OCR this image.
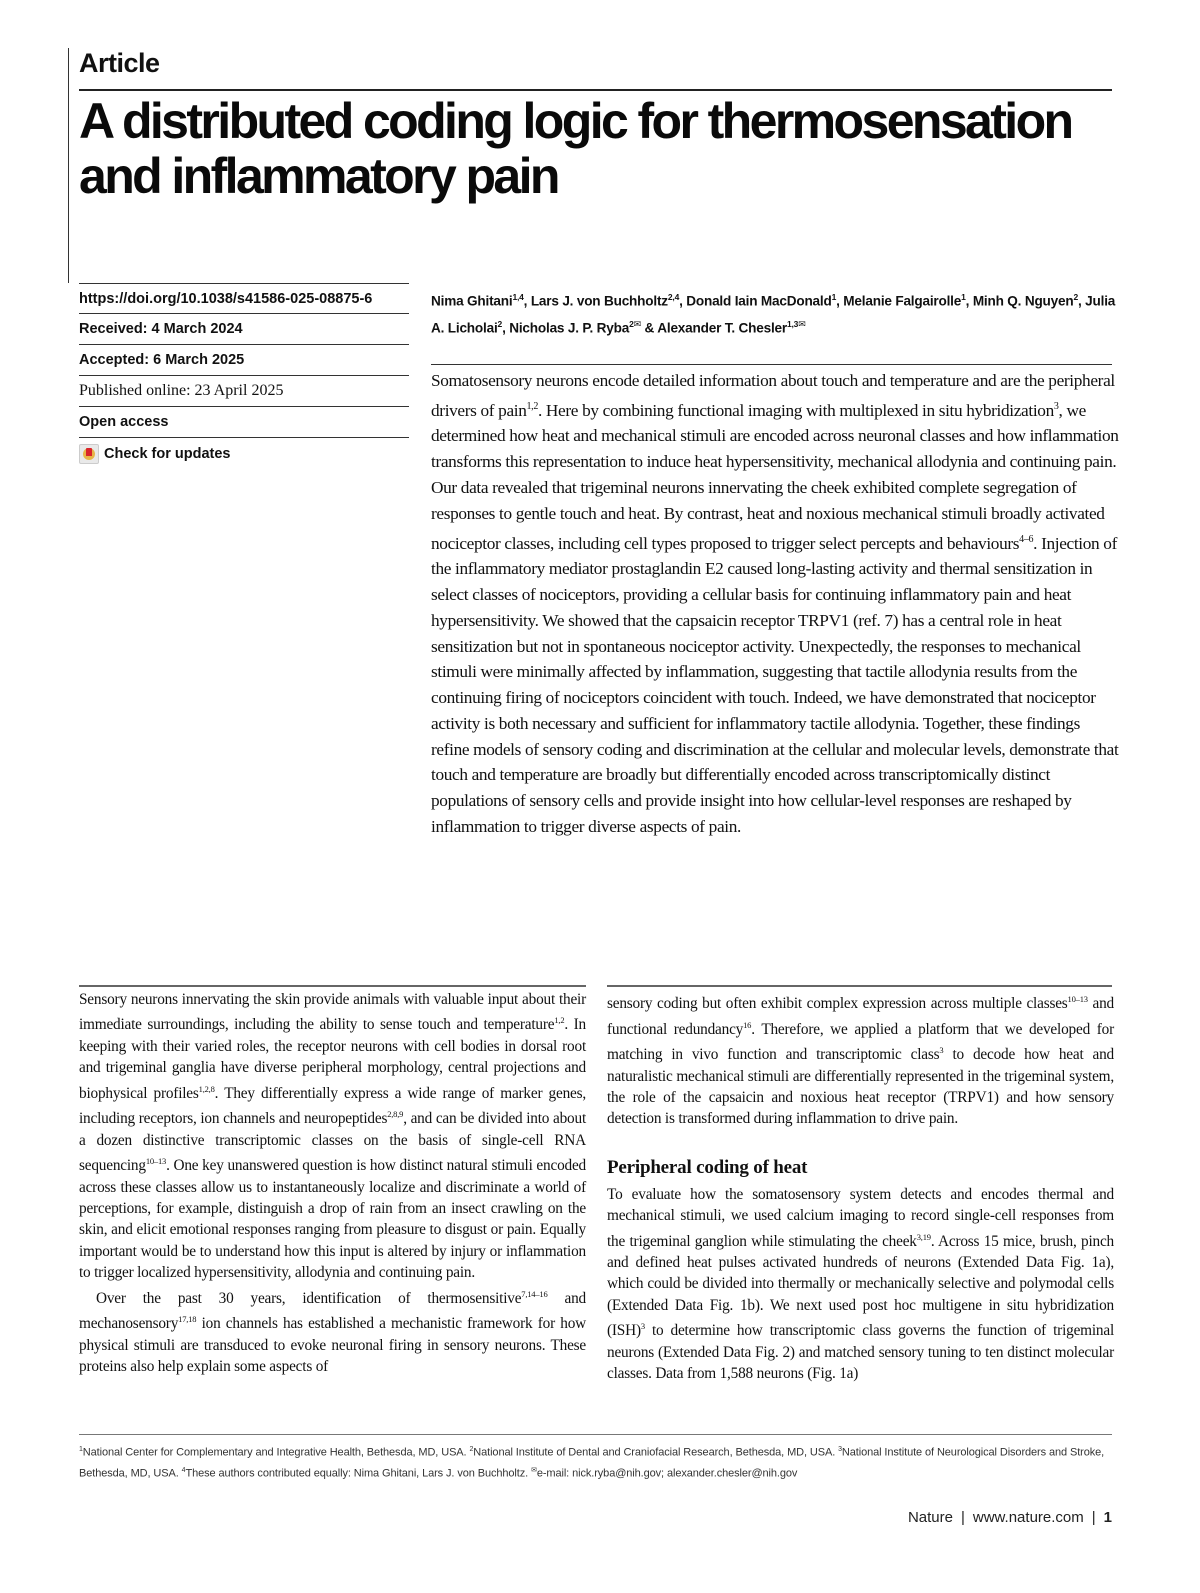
Article
A distributed coding logic for thermosensation and inflammatory pain
https://doi.org/10.1038/s41586-025-08875-6
Received: 4 March 2024
Accepted: 6 March 2025
Published online: 23 April 2025
Open access
Check for updates
Nima Ghitani$^{1,4}$, Lars J. von Buchholtz$^{2,4}$, Donald Iain MacDonald$^1$, Melanie Falgairolle$^1$, Minh Q. Nguyen$^2$, Julia A. Licholai$^2$, Nicholas J. P. Ryba$^{2✉}$ & Alexander T. Chesler$^{1,3✉}$
Somatosensory neurons encode detailed information about touch and temperature and are the peripheral drivers of pain$^{1,2}$. Here by combining functional imaging with multiplexed in situ hybridization$^3$, we determined how heat and mechanical stimuli are encoded across neuronal classes and how inflammation transforms this representation to induce heat hypersensitivity, mechanical allodynia and continuing pain. Our data revealed that trigeminal neurons innervating the cheek exhibited complete segregation of responses to gentle touch and heat. By contrast, heat and noxious mechanical stimuli broadly activated nociceptor classes, including cell types proposed to trigger select percepts and behaviours$^{4-6}$. Injection of the inflammatory mediator prostaglandin E2 caused long-lasting activity and thermal sensitization in select classes of nociceptors, providing a cellular basis for continuing inflammatory pain and heat hypersensitivity. We showed that the capsaicin receptor TRPV1 (ref. 7) has a central role in heat sensitization but not in spontaneous nociceptor activity. Unexpectedly, the responses to mechanical stimuli were minimally affected by inflammation, suggesting that tactile allodynia results from the continuing firing of nociceptors coincident with touch. Indeed, we have demonstrated that nociceptor activity is both necessary and sufficient for inflammatory tactile allodynia. Together, these findings refine models of sensory coding and discrimination at the cellular and molecular levels, demonstrate that touch and temperature are broadly but differentially encoded across transcriptomically distinct populations of sensory cells and provide insight into how cellular-level responses are reshaped by inflammation to trigger diverse aspects of pain.

Sensory neurons innervating the skin provide animals with valuable input about their immediate surroundings, including the ability to sense touch and temperature$^{1,2}$. In keeping with their varied roles, the receptor neurons with cell bodies in dorsal root and trigeminal ganglia have diverse peripheral morphology, central projections and biophysical profiles$^{1,2,8}$. They differentially express a wide range of marker genes, including receptors, ion channels and neuropeptides$^{2,8,9}$, and can be divided into about a dozen distinctive transcriptomic classes on the basis of single-cell RNA sequencing$^{10-13}$. One key unanswered question is how distinct natural stimuli encoded across these classes allow us to instantaneously localize and discriminate a world of perceptions, for example, distinguish a drop of rain from an insect crawling on the skin, and elicit emotional responses ranging from pleasure to disgust or pain. Equally important would be to understand how this input is altered by injury or inflammation to trigger localized hypersensitivity, allodynia and continuing pain.

Over the past 30 years, identification of thermosensitive$^{7,14-16}$ and mechanosensory$^{17,18}$ ion channels has established a mechanistic framework for how physical stimuli are transduced to evoke neuronal firing in sensory neurons. These proteins also help explain some aspects of

sensory coding but often exhibit complex expression across multiple classes$^{10-13}$ and functional redundancy$^{16}$. Therefore, we applied a platform that we developed for matching in vivo function and transcriptomic class$^3$ to decode how heat and naturalistic mechanical stimuli are differentially represented in the trigeminal system, the role of the capsaicin and noxious heat receptor (TRPV1) and how sensory detection is transformed during inflammation to drive pain.

Peripheral coding of heat

To evaluate how the somatosensory system detects and encodes thermal and mechanical stimuli, we used calcium imaging to record single-cell responses from the trigeminal ganglion while stimulating the cheek$^{3,19}$. Across 15 mice, brush, pinch and defined heat pulses activated hundreds of neurons (Extended Data Fig. 1a), which could be divided into thermally or mechanically selective and polymodal cells (Extended Data Fig. 1b). We next used post hoc multigene in situ hybridization (ISH)$^3$ to determine how transcriptomic class governs the function of trigeminal neurons (Extended Data Fig. 2) and matched sensory tuning to ten distinct molecular classes. Data from 1,588 neurons (Fig. 1a)

$^1$National Center for Complementary and Integrative Health, Bethesda, MD, USA. $^2$National Institute of Dental and Craniofacial Research, Bethesda, MD, USA. $^3$National Institute of Neurological Disorders and Stroke, Bethesda, MD, USA. $^4$These authors contributed equally: Nima Ghitani, Lars J. von Buchholtz. ✉e-mail: nick.ryba@nih.gov; alexander.chesler@nih.gov
Nature | www.nature.com | 1
